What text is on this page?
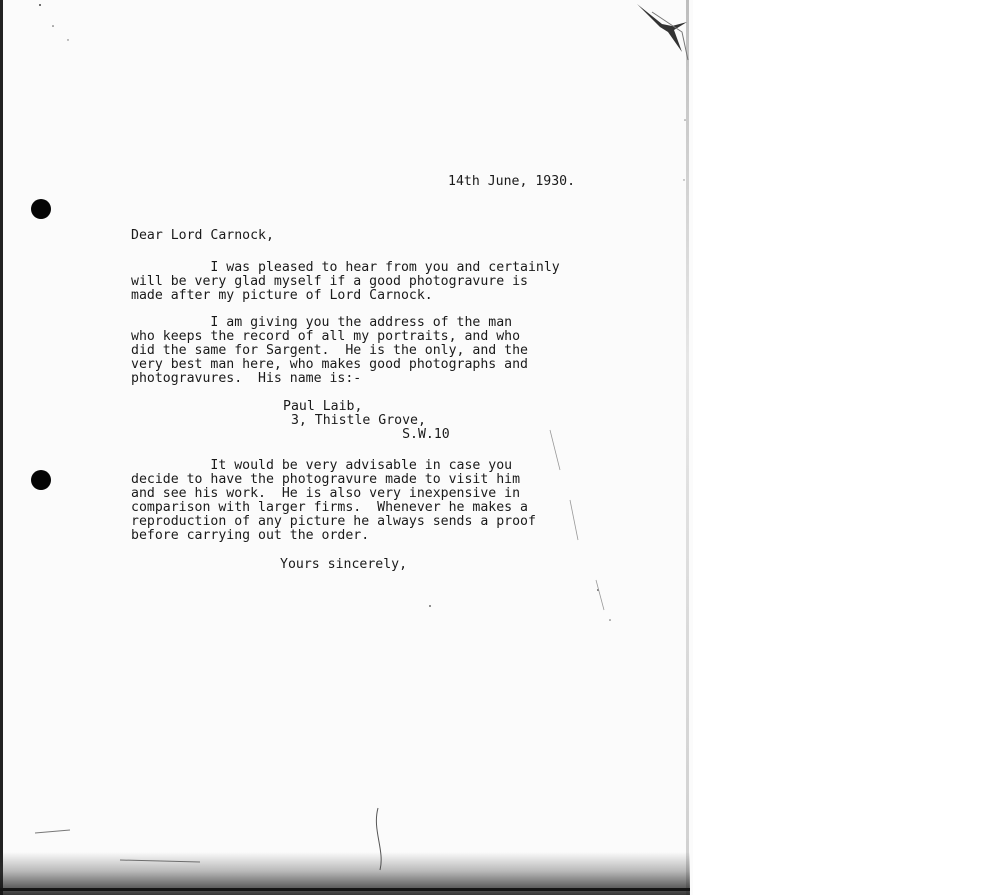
14th June, 1930.
Dear Lord Carnock,
I was pleased to hear from you and certainly
will be very glad myself if a good photogravure is
made after my picture of Lord Carnock.
I am giving you the address of the man
who keeps the record of all my portraits, and who
did the same for Sargent.  He is the only, and the
very best man here, who makes good photographs and
photogravures.  His name is:-
Paul Laib,
3, Thistle Grove,
S.W.10
It would be very advisable in case you
decide to have the photogravure made to visit him
and see his work.  He is also very inexpensive in
comparison with larger firms.  Whenever he makes a
reproduction of any picture he always sends a proof
before carrying out the order.
Yours sincerely,
